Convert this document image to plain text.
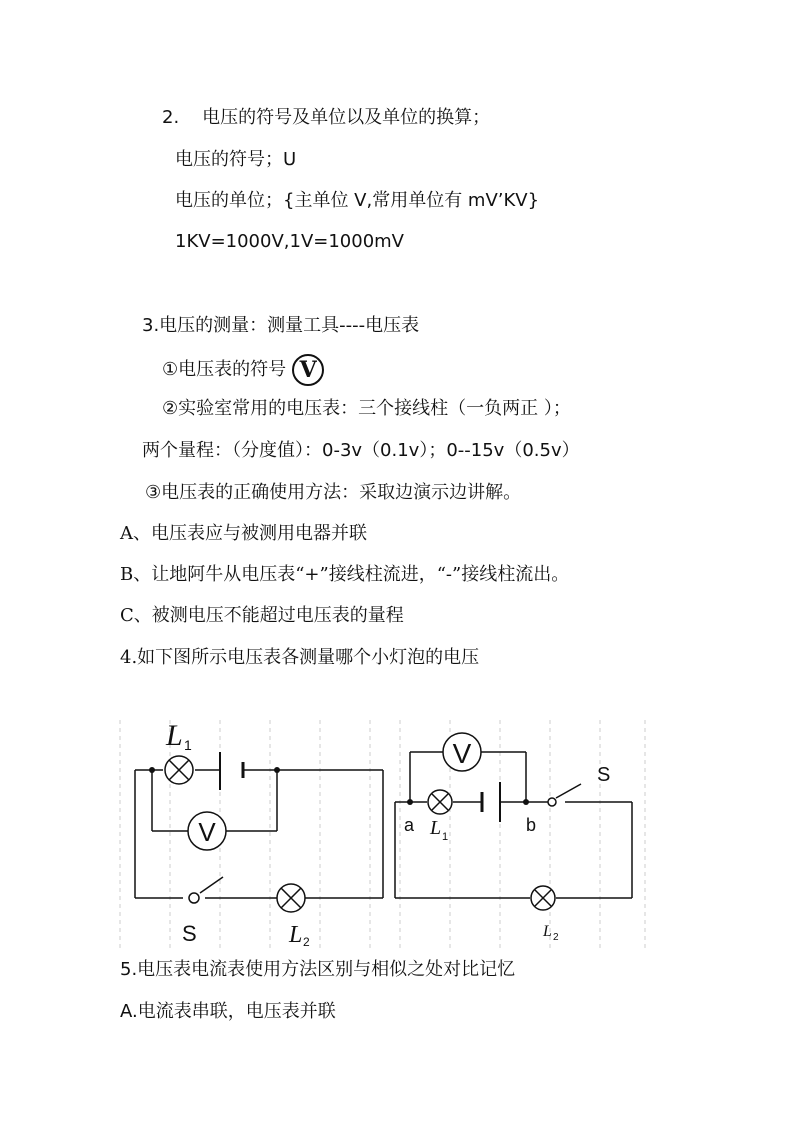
2. 电压的符号及单位以及单位的换算；
电压的符号；U
电压的单位；{主单位 V,常用单位有 mV’KV}
1KV=1000V,1V=1000mV
3.电压的测量：测量工具----电压表
①电压表的符号 V
②实验室常用的电压表：三个接线柱（一负两正 ）；
两个量程：（分度值）：0-3v（0.1v）；0--15v（0.5v）
③电压表的正确使用方法：采取边演示边讲解。
A、电压表应与被测用电器并联
B、让地阿牛从电压表“+”接线柱流进，“-”接线柱流出。
C、被测电压不能超过电压表的量程
4.如下图所示电压表各测量哪个小灯泡的电压
L 1
V
S	L 2
V
a L 1
b
S
L 2
5.电压表电流表使用方法区别与相似之处对比记忆
A.电流表串联，电压表并联
